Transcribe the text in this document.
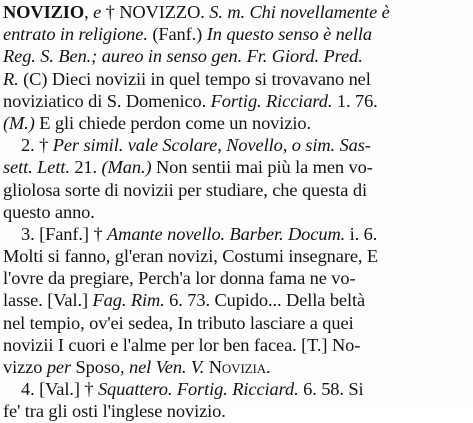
NOVIZIO, e † NOVIZZO. S. m. Chi novellamente è
entrato in religione. (Fanf.) In questo senso è nella
Reg. S. Ben.; aureo in senso gen. Fr. Giord. Pred.
R. (C) Dieci novizii in quel tempo si trovavano nel
noviziatico di S. Domenico. Fortig. Ricciard. 1. 76.
(M.) E gli chiede perdon come un novizio.
2. † Per simil. vale Scolare, Novello, o sim. Sas-
sett. Lett. 21. (Man.) Non sentii mai più la men vo-
gliolosa sorte di novizii per studiare, che questa di
questo anno.
3. [Fanf.] † Amante novello. Barber. Docum. i. 6.
Molti si fanno, gl'eran novizi, Costumi insegnare, E
l'ovre da pregiare, Perch'a lor donna fama ne vo-
lasse. [Val.] Fag. Rim. 6. 73. Cupido... Della beltà
nel tempio, ov'ei sedea, In tributo lasciare a quei
novizii I cuori e l'alme per lor ben facea. [T.] No-
vizzo per Sposo, nel Ven. V. Novizia.
4. [Val.] † Squattero. Fortig. Ricciard. 6. 58. Si
fe' tra gli osti l'inglese novizio.
